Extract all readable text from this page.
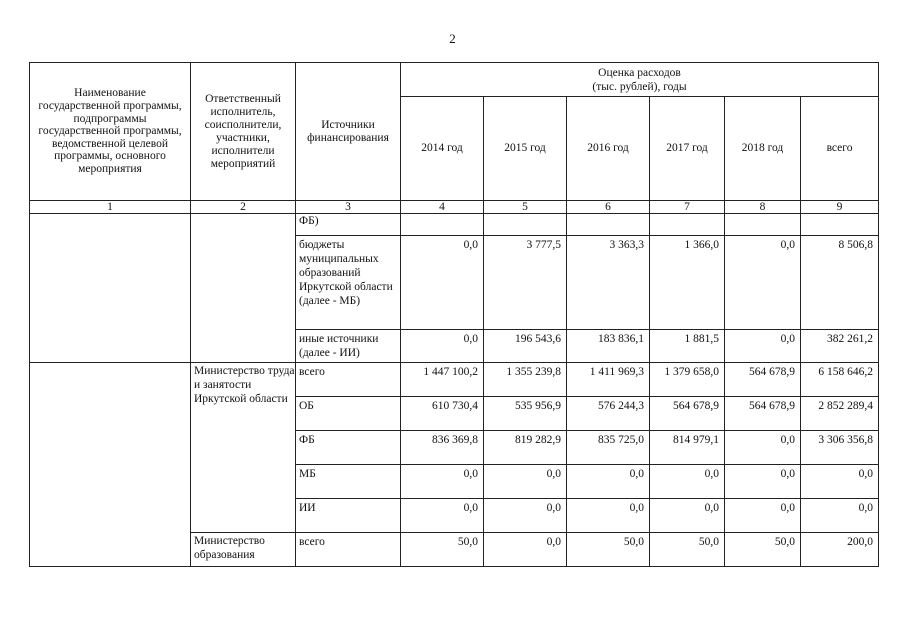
2
Наименование государственной программы, подпрограммы государственной программы, ведомственной целевой программы, основного мероприятия	Ответственный исполнитель, соисполнители, участники, исполнители мероприятий	Источники финансирования	Оценка расходов
(тыс. рублей), годы					

			2014 год	2015 год	2016 год	2017 год	2018 год	всего
1	2	3	4	5	6	7	8	9
		ФБ)						
		бюджеты муниципальных образований Иркутской области (далее - МБ)	0,0	3 777,5	3 363,3	1 366,0	0,0	8 506,8
		иные источники (далее - ИИ)	0,0	196 543,6	183 836,1	1 881,5	0,0	382 261,2
	Министерство труда и занятости Иркутской области	всего	1 447 100,2	1 355 239,8	1 411 969,3	1 379 658,0	564 678,9	6 158 646,2
		ОБ	610 730,4	535 956,9	576 244,3	564 678,9	564 678,9	2 852 289,4
		ФБ	836 369,8	819 282,9	835 725,0	814 979,1	0,0	3 306 356,8
		МБ	0,0	0,0	0,0	0,0	0,0	0,0
		ИИ	0,0	0,0	0,0	0,0	0,0	0,0
	Министерство образования	всего	50,0	0,0	50,0	50,0	50,0	200,0
